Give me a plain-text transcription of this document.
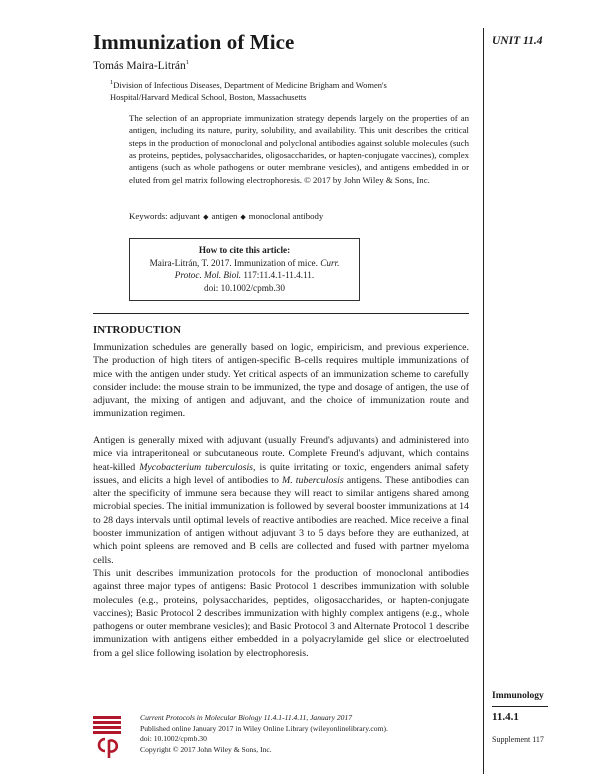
Immunization of Mice	UNIT 11.4
Tomás Maira-Litrán$^1$
$^1$Division of Infectious Diseases, Department of Medicine Brigham and Women's Hospital/Harvard Medical School, Boston, Massachusetts
The selection of an appropriate immunization strategy depends largely on the properties of an antigen, including its nature, purity, solubility, and availability. This unit describes the critical steps in the production of monoclonal and polyclonal antibodies against soluble molecules (such as proteins, peptides, polysaccharides, oligosaccharides, or hapten-conjugate vaccines), complex antigens (such as whole pathogens or outer membrane vesicles), and antigens embedded in or eluted from gel matrix following electrophoresis. © 2017 by John Wiley & Sons, Inc.
Keywords: adjuvant ◆ antigen ◆ monoclonal antibody
How to cite this article:
Maira-Litrán, T. 2017. Immunization of mice. Curr. Protoc. Mol. Biol. 117:11.4.1-11.4.11.
doi: 10.1002/cpmb.30
INTRODUCTION
Immunization schedules are generally based on logic, empiricism, and previous experience. The production of high titers of antigen-specific B-cells requires multiple immunizations of mice with the antigen under study. Yet critical aspects of an immunization scheme to carefully consider include: the mouse strain to be immunized, the type and dosage of antigen, the use of adjuvant, the mixing of antigen and adjuvant, and the choice of immunization route and immunization regimen.
Antigen is generally mixed with adjuvant (usually Freund's adjuvants) and administered into mice via intraperitoneal or subcutaneous route. Complete Freund's adjuvant, which contains heat-killed Mycobacterium tuberculosis, is quite irritating or toxic, engenders animal safety issues, and elicits a high level of antibodies to M. tuberculosis antigens. These antibodies can alter the specificity of immune sera because they will react to similar antigens shared among microbial species. The initial immunization is followed by several booster immunizations at 14 to 28 days intervals until optimal levels of reactive antibodies are reached. Mice receive a final booster immunization of antigen without adjuvant 3 to 5 days before they are euthanized, at which point spleens are removed and B cells are collected and fused with partner myeloma cells.
This unit describes immunization protocols for the production of monoclonal antibodies against three major types of antigens: Basic Protocol 1 describes immunization with soluble molecules (e.g., proteins, polysaccharides, peptides, oligosaccharides, or hapten-conjugate vaccines); Basic Protocol 2 describes immunization with highly complex antigens (e.g., whole pathogens or outer membrane vesicles); and Basic Protocol 3 and Alternate Protocol 1 describe immunization with antigens either embedded in a polyacrylamide gel slice or electroeluted from a gel slice following isolation by electrophoresis.
Immunology
11.4.1
Supplement 117
Current Protocols in Molecular Biology 11.4.1-11.4.11, January 2017
Published online January 2017 in Wiley Online Library (wileyonlinelibrary.com).
doi: 10.1002/cpmb.30
Copyright © 2017 John Wiley & Sons, Inc.
